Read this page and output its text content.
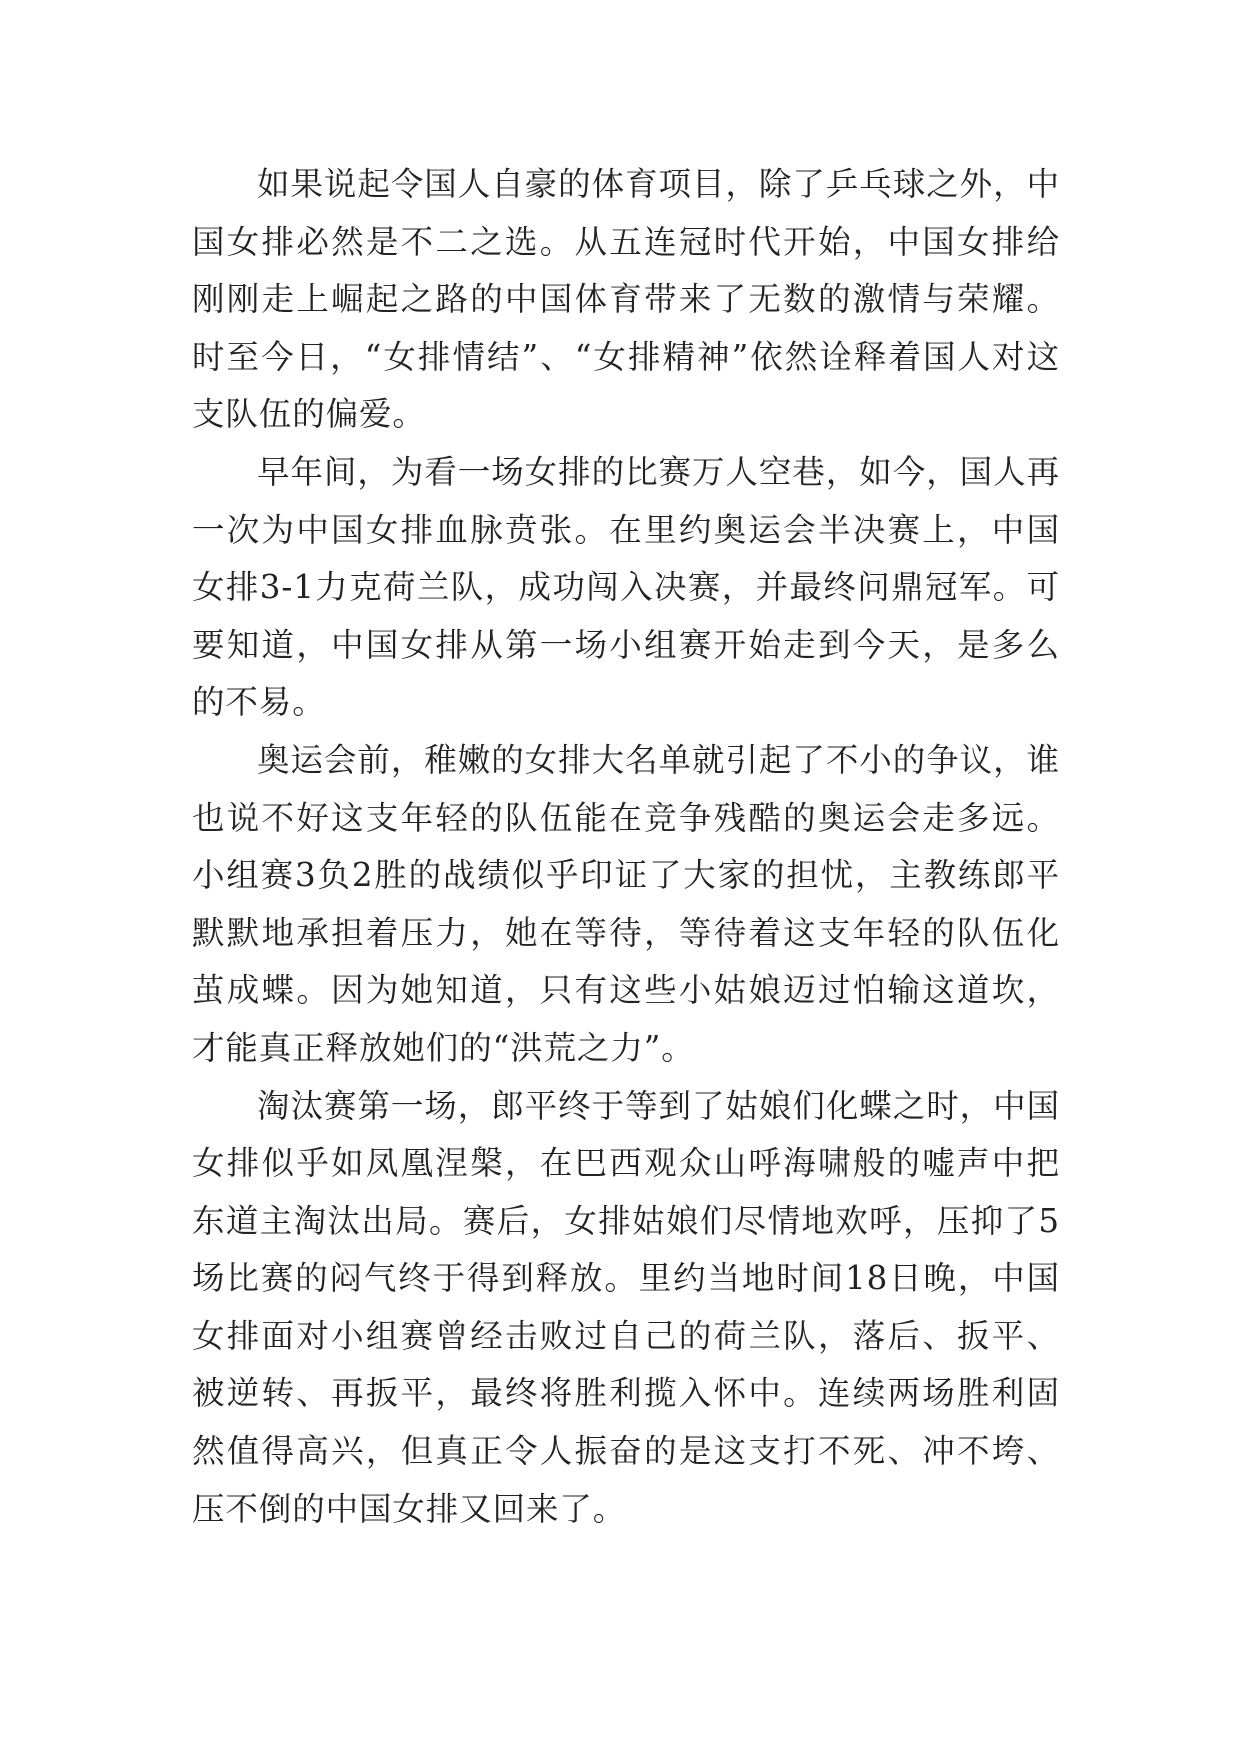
如果说起令国人自豪的体育项目，除了乒乓球之外，中国女排必然是不二之选。从五连冠时代开始，中国女排给刚刚走上崛起之路的中国体育带来了无数的激情与荣耀。时至今日，“女排情结”、“女排精神”依然诠释着国人对这支队伍的偏爱。

早年间，为看一场女排的比赛万人空巷，如今，国人再一次为中国女排血脉贲张。在里约奥运会半决赛上，中国女排3-1力克荷兰队，成功闯入决赛，并最终问鼎冠军。可要知道，中国女排从第一场小组赛开始走到今天，是多么的不易。

奥运会前，稚嫩的女排大名单就引起了不小的争议，谁也说不好这支年轻的队伍能在竞争残酷的奥运会走多远。小组赛3负2胜的战绩似乎印证了大家的担忧，主教练郎平默默地承担着压力，她在等待，等待着这支年轻的队伍化茧成蝶。因为她知道，只有这些小姑娘迈过怕输这道坎，才能真正释放她们的“洪荒之力”。

淘汰赛第一场，郎平终于等到了姑娘们化蝶之时，中国女排似乎如凤凰涅槃，在巴西观众山呼海啸般的嘘声中把东道主淘汰出局。赛后，女排姑娘们尽情地欢呼，压抑了5场比赛的闷气终于得到释放。里约当地时间18日晚，中国女排面对小组赛曾经击败过自己的荷兰队，落后、扳平、被逆转、再扳平，最终将胜利揽入怀中。连续两场胜利固然值得高兴，但真正令人振奋的是这支打不死、冲不垮、压不倒的中国女排又回来了。
